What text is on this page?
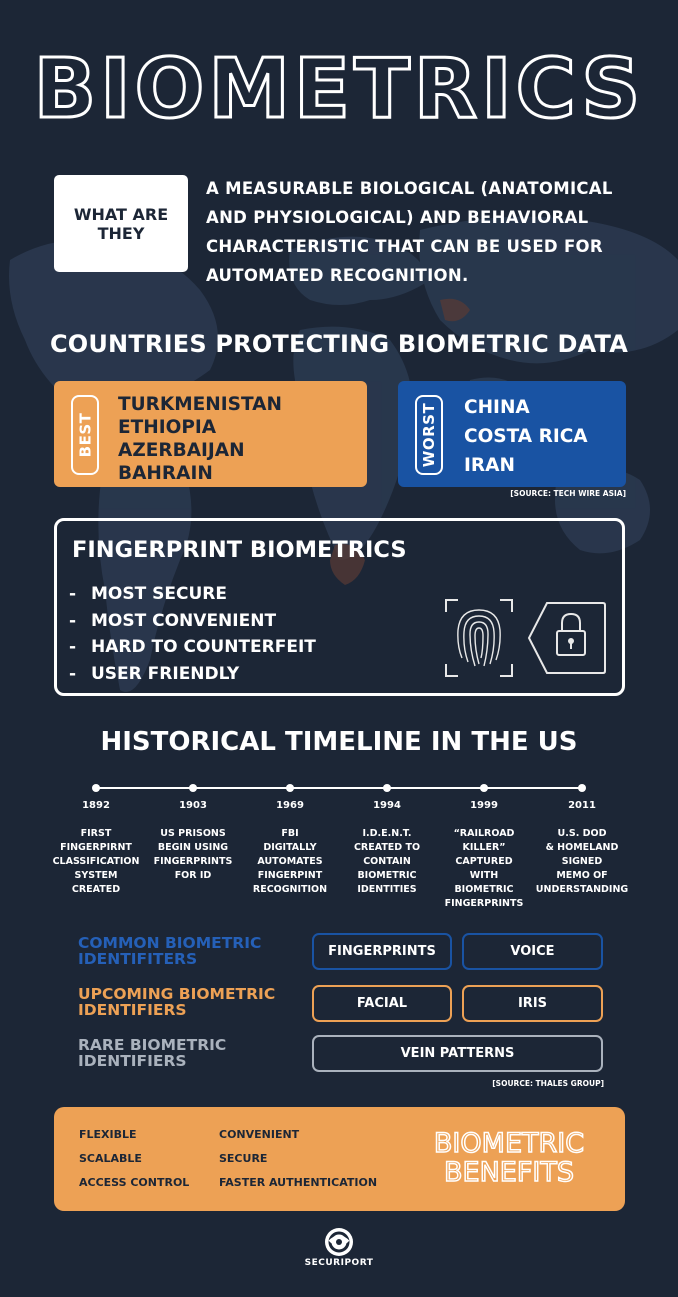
BIOMETRICS
WHAT ARE THEY
A MEASURABLE BIOLOGICAL (ANATOMICAL AND PHYSIOLOGICAL) AND BEHAVIORAL CHARACTERISTIC THAT CAN BE USED FOR AUTOMATED RECOGNITION.
COUNTRIES PROTECTING BIOMETRIC DATA
BEST
TURKMENISTAN
ETHIOPIA
AZERBAIJAN
BAHRAIN
WORST CHINA
COSTA RICA
IRAN
[SOURCE: TECH WIRE ASIA]
FINGERPRINT BIOMETRICS
- MOST SECURE
- MOST CONVENIENT
- HARD TO COUNTERFEIT
- USER FRIENDLY
HISTORICAL TIMELINE IN THE US
1892
FIRST
FINGERPIRNT
CLASSIFICATION
SYSTEM
CREATED
1903
US PRISONS
BEGIN USING
FINGERPRINTS
FOR ID
1969
FBI
DIGITALLY
AUTOMATES
FINGERPINT
RECOGNITION
1994
I.D.E.N.T.
CREATED TO
CONTAIN
BIOMETRIC
IDENTITIES
1999
“RAILROAD KILLER”
CAPTURED
WITH
BIOMETRIC
FINGERPRINTS
2011
U.S. DOD
& HOMELAND
SIGNED
MEMO OF
UNDERSTANDING
COMMON BIOMETRIC
IDENTIFITERS	FINGERPRINTS	VOICE
UPCOMING BIOMETRIC
IDENTIFIERS	FACIAL	IRIS
RARE BIOMETRIC
IDENTIFIERS	VEIN PATTERNS
[SOURCE: THALES GROUP]
FLEXIBLE
SCALABLE
ACCESS CONTROL
CONVENIENT
SECURE
FASTER AUTHENTICATION
BIOMETRIC
BENEFITS
SECURIPORT
